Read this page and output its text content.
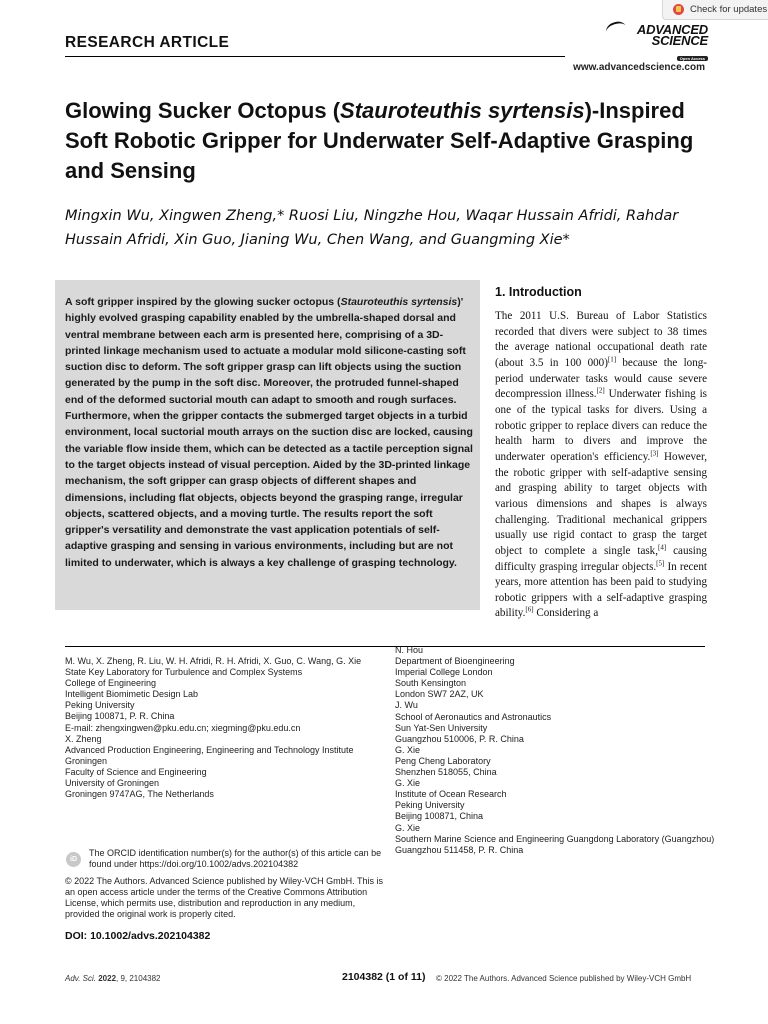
Check for updates
RESEARCH ARTICLE
ADVANCED
SCIENCE
Open Access
www.advancedscience.com
Glowing Sucker Octopus (Stauroteuthis syrtensis)-Inspired Soft Robotic Gripper for Underwater Self-Adaptive Grasping and Sensing
Mingxin Wu, Xingwen Zheng,* Ruosi Liu, Ningzhe Hou, Waqar Hussain Afridi, Rahdar Hussain Afridi, Xin Guo, Jianing Wu, Chen Wang, and Guangming Xie*
A soft gripper inspired by the glowing sucker octopus (Stauroteuthis syrtensis)' highly evolved grasping capability enabled by the umbrella-shaped dorsal and ventral membrane between each arm is presented here, comprising of a 3D-printed linkage mechanism used to actuate a modular mold silicone-casting soft suction disc to deform. The soft gripper grasp can lift objects using the suction generated by the pump in the soft disc. Moreover, the protruded funnel-shaped end of the deformed suctorial mouth can adapt to smooth and rough surfaces. Furthermore, when the gripper contacts the submerged target objects in a turbid environment, local suctorial mouth arrays on the suction disc are locked, causing the variable flow inside them, which can be detected as a tactile perception signal to the target objects instead of visual perception. Aided by the 3D-printed linkage mechanism, the soft gripper can grasp objects of different shapes and dimensions, including flat objects, objects beyond the grasping range, irregular objects, scattered objects, and a moving turtle. The results report the soft gripper's versatility and demonstrate the vast application potentials of self-adaptive grasping and sensing in various environments, including but are not limited to underwater, which is always a key challenge of grasping technology.
1. Introduction
The 2011 U.S. Bureau of Labor Statistics recorded that divers were subject to 38 times the average national occupational death rate (about 3.5 in 100 000)[1] because the long-period underwater tasks would cause severe decompression illness.[2] Underwater fishing is one of the typical tasks for divers. Using a robotic gripper to replace divers can reduce the health harm to divers and improve the underwater operation's efficiency.[3] However, the robotic gripper with self-adaptive sensing and grasping ability to target objects with various dimensions and shapes is always challenging. Traditional mechanical grippers usually use rigid contact to grasp the target object to complete a single task,[4] causing difficulty grasping irregular objects.[5] In recent years, more attention has been paid to studying robotic grippers with a self-adaptive grasping ability.[6] Considering a
M. Wu, X. Zheng, R. Liu, W. H. Afridi, R. H. Afridi, X. Guo, C. Wang, G. Xie
State Key Laboratory for Turbulence and Complex Systems
College of Engineering
Intelligent Biomimetic Design Lab
Peking University
Beijing 100871, P. R. China
E-mail: zhengxingwen@pku.edu.cn; xiegming@pku.edu.cn
X. Zheng
Advanced Production Engineering, Engineering and Technology Institute Groningen
Faculty of Science and Engineering
University of Groningen
Groningen 9747AG, The Netherlands
N. Hou
Department of Bioengineering
Imperial College London
South Kensington
London SW7 2AZ, UK
J. Wu
School of Aeronautics and Astronautics
Sun Yat-Sen University
Guangzhou 510006, P. R. China
G. Xie
Peng Cheng Laboratory
Shenzhen 518055, China
G. Xie
Institute of Ocean Research
Peking University
Beijing 100871, China
G. Xie
Southern Marine Science and Engineering Guangdong Laboratory (Guangzhou)
Guangzhou 511458, P. R. China
iD
The ORCID identification number(s) for the author(s) of this article can be found under https://doi.org/10.1002/advs.202104382
© 2022 The Authors. Advanced Science published by Wiley-VCH GmbH. This is an open access article under the terms of the Creative Commons Attribution License, which permits use, distribution and reproduction in any medium, provided the original work is properly cited.
DOI: 10.1002/advs.202104382
Adv. Sci. 2022, 9, 2104382	2104382 (1 of 11) © 2022 The Authors. Advanced Science published by Wiley-VCH GmbH
